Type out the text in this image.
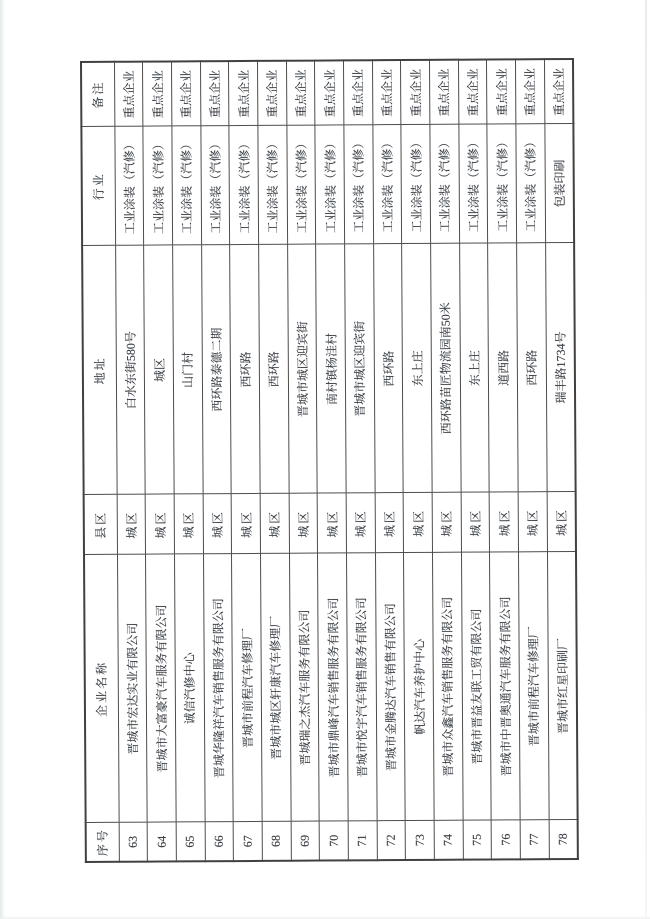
序号	企业名称	县区	地址	行业	备注
63	晋城市宏达实业有限公司	城区	白水东街580号	工业涂装（汽修）	重点企业
64	晋城市大富豪汽车服务有限公司	城区	城区	工业涂装（汽修）	重点企业
65	诚信汽修中心	城区	山门村	工业涂装（汽修）	重点企业
66	晋城华隆祥汽车销售服务有限公司	城区	西环路泰德二期	工业涂装（汽修）	重点企业
67	晋城市前程汽车修理厂	城区	西环路	工业涂装（汽修）	重点企业
68	晋城市城区轩康汽车修理厂	城区	西环路	工业涂装（汽修）	重点企业
69	晋城瑞之杰汽车服务有限公司	城区	晋城市城区迎宾街	工业涂装（汽修）	重点企业
70	晋城市鼎峰汽车销售服务有限公司	城区	南村镇杨洼村	工业涂装（汽修）	重点企业
71	晋城市悦宇汽车销售服务有限公司	城区	晋城市城区迎宾街	工业涂装（汽修）	重点企业
72	晋城市金腾达汽车销售有限公司	城区	西环路	工业涂装（汽修）	重点企业
73	帆达汽车养护中心	城区	东上庄	工业涂装（汽修）	重点企业
74	晋城市众鑫汽车销售服务有限公司	城区	西环路苗匠物流园南50米	工业涂装（汽修）	重点企业
75	晋城市晋益友联工贸有限公司	城区	东上庄	工业涂装（汽修）	重点企业
76	晋城市中晋奥通汽车服务有限公司	城区	道西路	工业涂装（汽修）	重点企业
77	晋城市前程汽车修理厂	城区	西环路	工业涂装（汽修）	重点企业
78	晋城市红星印刷厂	城区	瑞丰路1734号	包装印刷	重点企业
